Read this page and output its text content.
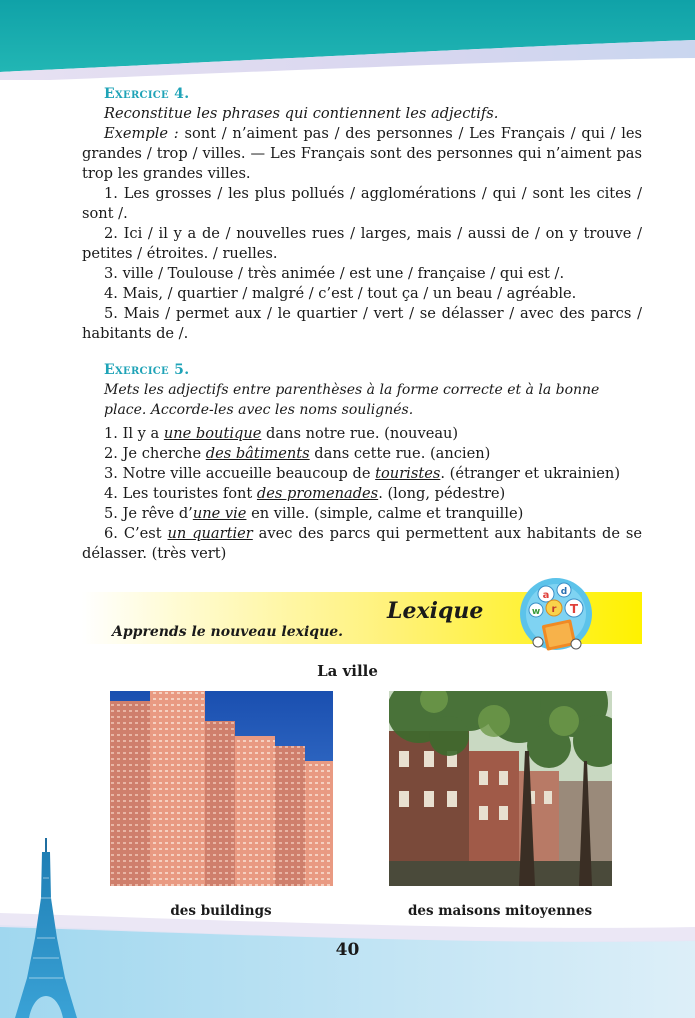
Exercice 4.

Reconstitue les phrases qui contiennent les adjectifs.

Exemple : sont / n’aiment pas / des personnes / Les Français / qui / les grandes / trop / villes. — Les Français sont des personnes qui n’aiment pas trop les grandes villes.

1. Les grosses / les plus pollués / agglomérations / qui / sont les cites / sont /.

2. Ici / il y a de / nouvelles rues / larges, mais / aussi de / on y trouve / petites / étroites. / ruelles.

3. ville / Toulouse / très animée / est une / française / qui est /.

4. Mais, / quartier / malgré / c’est / tout ça / un beau / agréable.

5. Mais / permet aux / le quartier / vert / se délasser / avec des parcs / habitants de /.

Exercice 5.

Mets les adjectifs entre parenthèses à la forme correcte et à la bonne place. Accorde-les avec les noms soulignés.

1. Il y a une boutique dans notre rue. (nouveau)

2. Je cherche des bâtiments dans cette rue. (ancien)

3. Notre ville accueille beaucoup de touristes. (étranger et ukrainien)

4. Les touristes font des promenades. (long, pédestre)

5. Je rêve d’une vie en ville. (simple, calme et tranquille)

6. C’est un quartier avec des parcs qui permettent aux habitants de se délasser. (très vert)

Lexique
Apprends le nouveau lexique.
a d
w T
r
La ville
des buildings	des maisons mitoyennes
40
